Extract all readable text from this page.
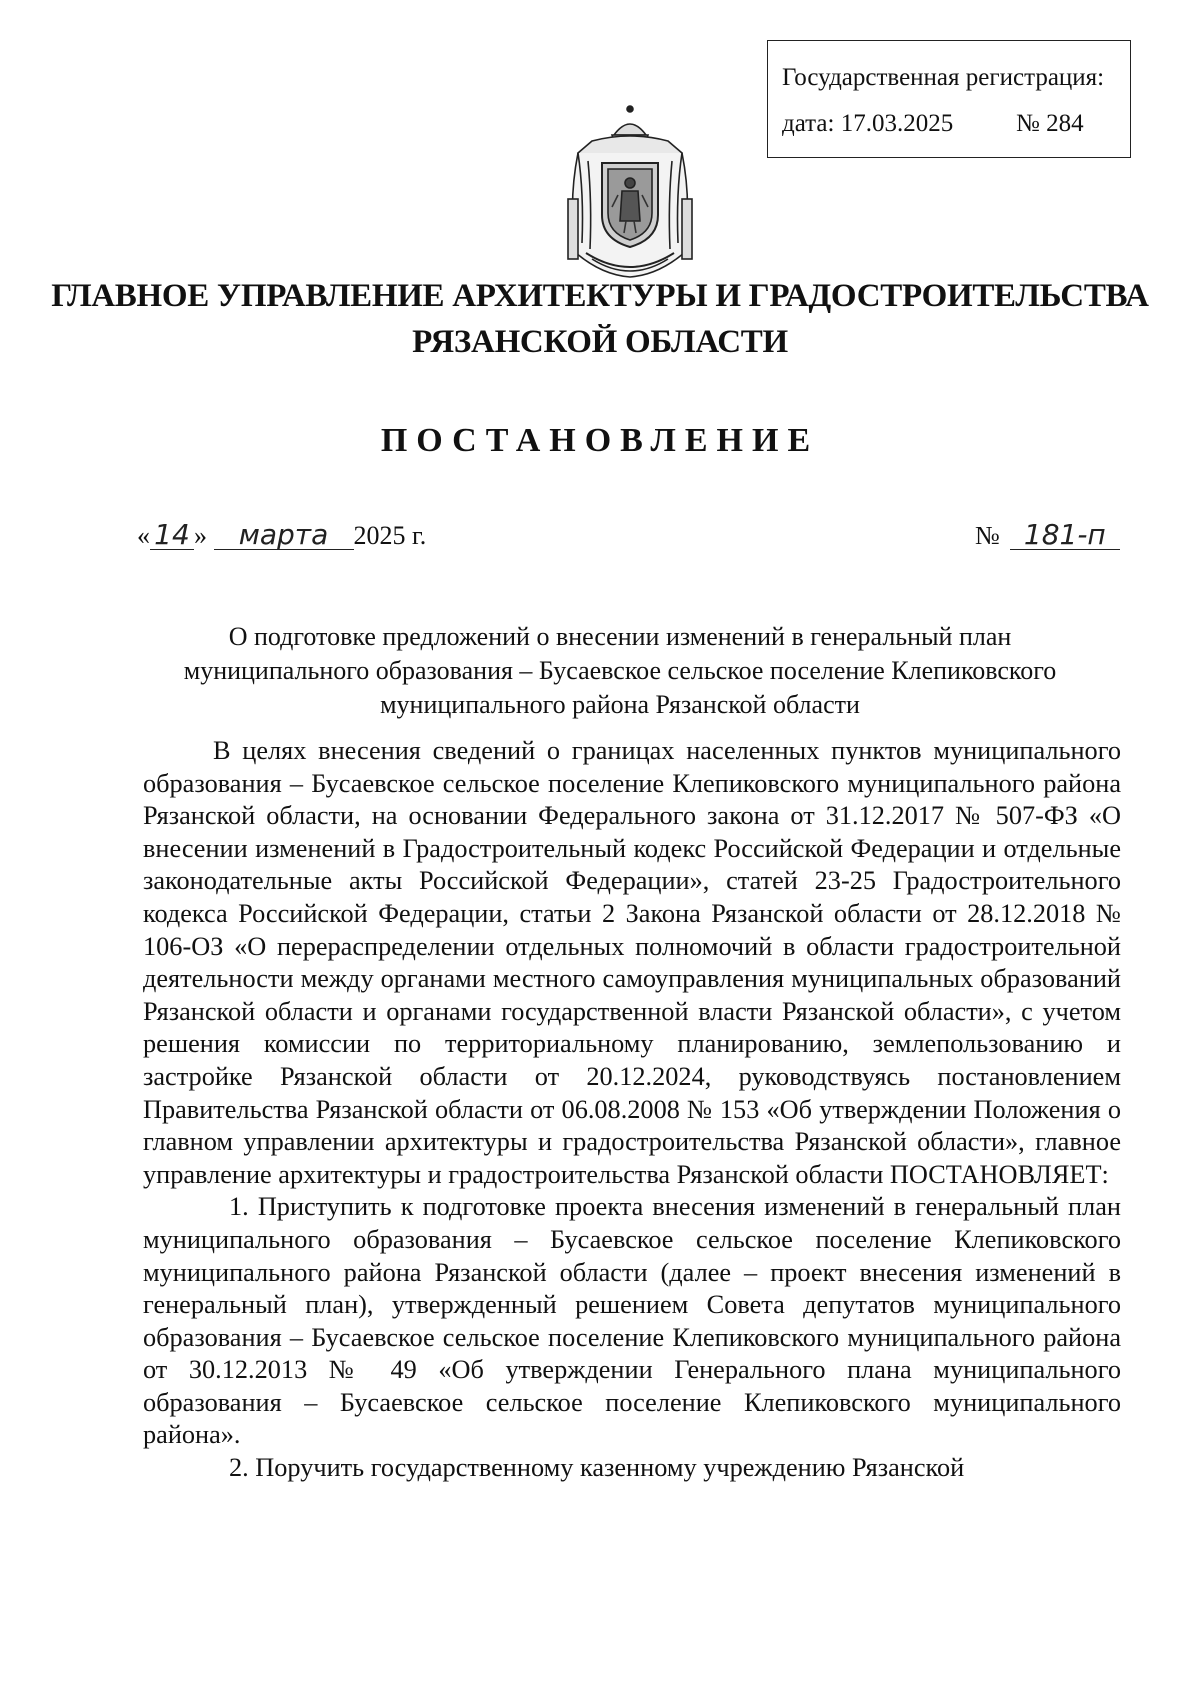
Государственная регистрация:
дата: 17.03.2025	№ 284
ГЛАВНОЕ УПРАВЛЕНИЕ АРХИТЕКТУРЫ И ГРАДОСТРОИТЕЛЬСТВА
РЯЗАНСКОЙ ОБЛАСТИ
ПОСТАНОВЛЕНИЕ
« 14 » марта 2025 г.	№ 181-п
О подготовке предложений о внесении изменений в генеральный план
муниципального образования – Бусаевское сельское поселение Клепиковского
муниципального района Рязанской области

В целях внесения сведений о границах населенных пунктов муниципального образования – Бусаевское сельское поселение Клепиковского муниципального района Рязанской области, на основании Федерального закона от 31.12.2017 № 507-ФЗ «О внесении изменений в Градостроительный кодекс Российской Федерации и отдельные законодательные акты Российской Федерации», статей 23-25 Градостроительного кодекса Российской Федерации, статьи 2 Закона Рязанской области от 28.12.2018 № 106-ОЗ «О перераспределении отдельных полномочий в области градостроительной деятельности между органами местного самоуправления муниципальных образований Рязанской области и органами государственной власти Рязанской области», с учетом решения комиссии по территориальному планированию, землепользованию и застройке Рязанской области от 20.12.2024, руководствуясь постановлением Правительства Рязанской области от 06.08.2008 № 153 «Об утверждении Положения о главном управлении архитектуры и градостроительства Рязанской области», главное управление архитектуры и градостроительства Рязанской области ПОСТАНОВЛЯЕТ:

1. Приступить к подготовке проекта внесения изменений в генеральный план муниципального образования – Бусаевское сельское поселение Клепиковского муниципального района Рязанской области (далее – проект внесения изменений в генеральный план), утвержденный решением Совета депутатов муниципального образования – Бусаевское сельское поселение Клепиковского муниципального района от 30.12.2013 № 49 «Об утверждении Генерального плана муниципального образования – Бусаевское сельское поселение Клепиковского муниципального района».

2. Поручить государственному казенному учреждению Рязанской
